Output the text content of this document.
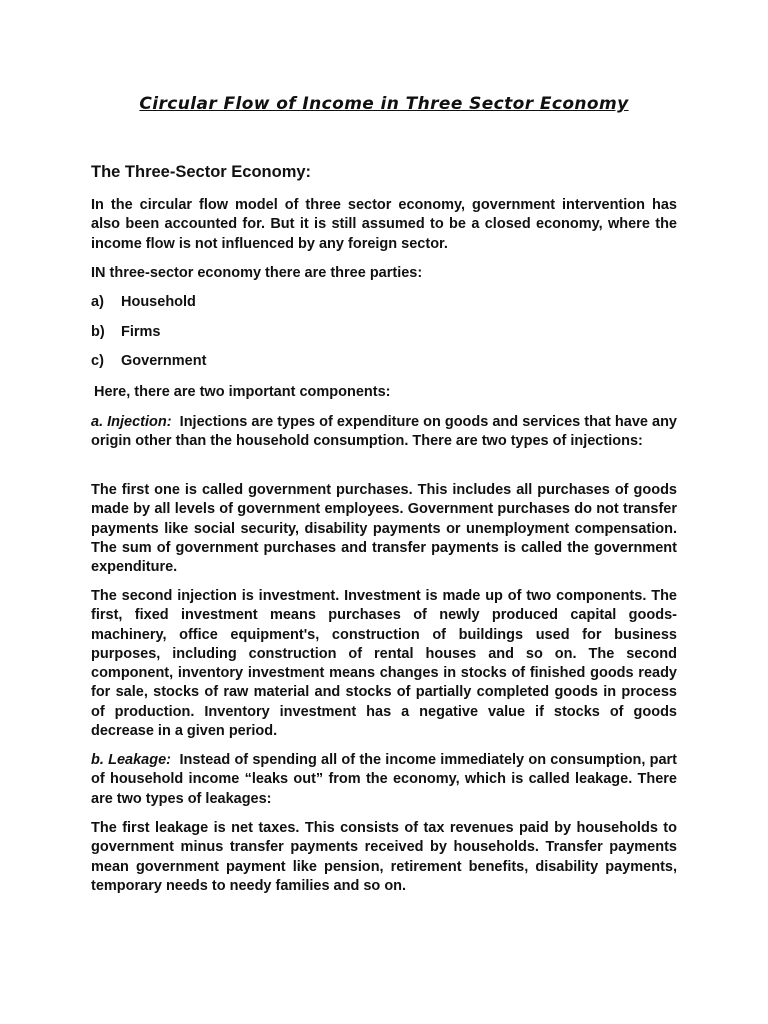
Circular Flow of Income in Three Sector Economy
The Three-Sector Economy:
In the circular flow model of three sector economy, government intervention has also been accounted for. But it is still assumed to be a closed economy, where the income flow is not influenced by any foreign sector.
IN three-sector economy there are three parties:
a) Household
b) Firms
c) Government
Here, there are two important components:
a. Injection: Injections are types of expenditure on goods and services that have any origin other than the household consumption. There are two types of injections:
The first one is called government purchases. This includes all purchases of goods made by all levels of government employees. Government purchases do not transfer payments like social security, disability payments or unemployment compensation. The sum of government purchases and transfer payments is called the government expenditure.
The second injection is investment. Investment is made up of two components. The first, fixed investment means purchases of newly produced capital goods- machinery, office equipment's, construction of buildings used for business purposes, including construction of rental houses and so on. The second component, inventory investment means changes in stocks of finished goods ready for sale, stocks of raw material and stocks of partially completed goods in process of production. Inventory investment has a negative value if stocks of goods decrease in a given period.
b. Leakage: Instead of spending all of the income immediately on consumption, part of household income “leaks out” from the economy, which is called leakage. There are two types of leakages:
The first leakage is net taxes. This consists of tax revenues paid by households to government minus transfer payments received by households. Transfer payments mean government payment like pension, retirement benefits, disability payments, temporary needs to needy families and so on.
